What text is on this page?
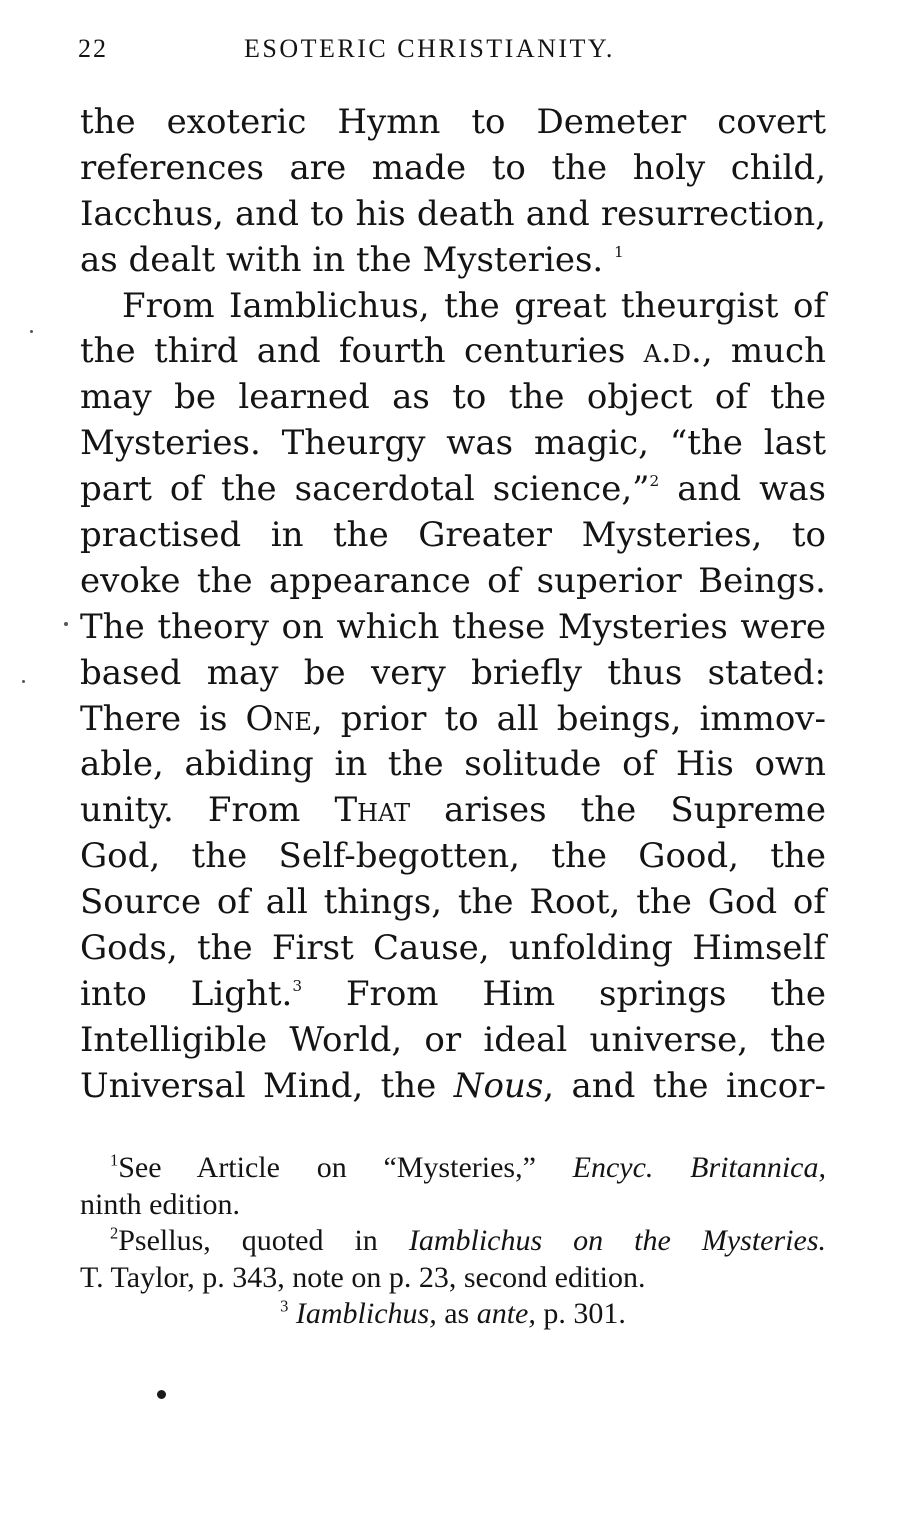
22	ESOTERIC CHRISTIANITY.
the exoteric Hymn to Demeter covert
references are made to the holy child,
Iacchus, and to his death and resurrection,
as dealt with in the Mysteries. $^1$
From Iamblichus, the great theurgist of
the third and fourth centuries a.d., much
may be learned as to the object of the
Mysteries. Theurgy was magic, “the last
part of the sacerdotal science,”$^2$ and was
practised in the Greater Mysteries, to
evoke the appearance of superior Beings.
The theory on which these Mysteries were
based may be very briefly thus stated:
There is One, prior to all beings, immov-
able, abiding in the solitude of His own
unity. From That arises the Supreme
God, the Self-begotten, the Good, the
Source of all things, the Root, the God of
Gods, the First Cause, unfolding Himself
into Light.$^3$ From Him springs the
Intelligible World, or ideal universe, the
Universal Mind, the Nous, and the incor-
$^1$See Article on “Mysteries,” Encyc. Britannica,
ninth edition.
$^2$Psellus, quoted in Iamblichus on the Mysteries.
T. Taylor, p. 343, note on p. 23, second edition.
$^3$ Iamblichus, as ante, p. 301.
